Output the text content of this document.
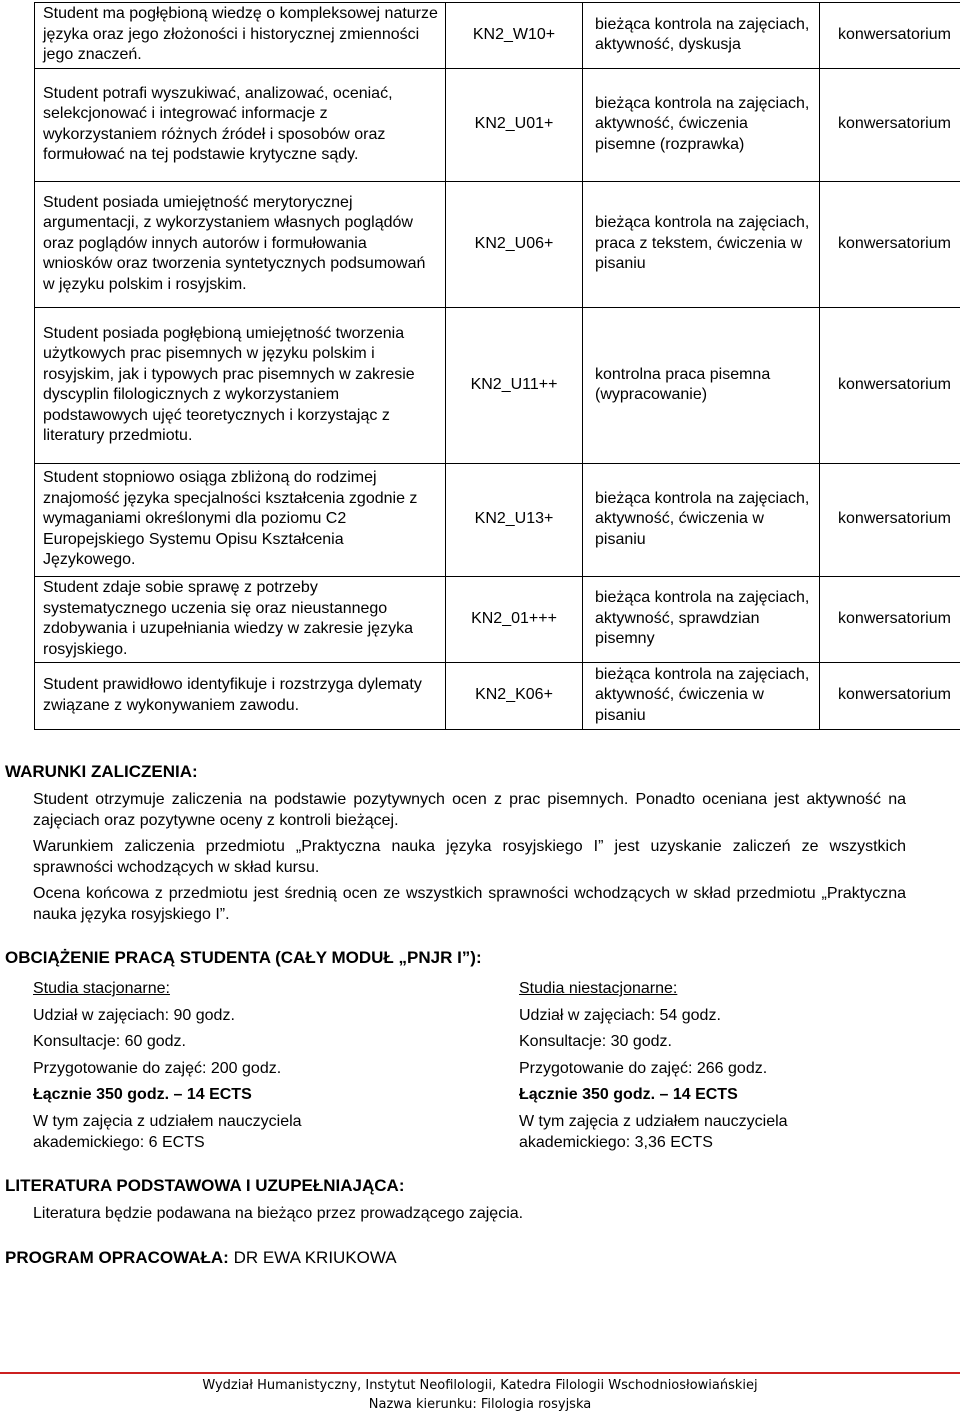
Student ma pogłębioną wiedzę o kompleksowej naturze języka oraz jego złożoności i historycznej zmienności jego znaczeń.	KN2_W10+	bieżąca kontrola na zajęciach, aktywność, dyskusja	konwersatorium
Student potrafi wyszukiwać, analizować, oceniać, selekcjonować i integrować informacje z wykorzystaniem różnych źródeł i sposobów oraz formułować na tej podstawie krytyczne sądy.	KN2_U01+	bieżąca kontrola na zajęciach, aktywność, ćwiczenia pisemne (rozprawka)	konwersatorium
Student posiada umiejętność merytorycznej argumentacji, z wykorzystaniem własnych poglądów oraz poglądów innych autorów i formułowania wniosków oraz tworzenia syntetycznych podsumowań w języku polskim i rosyjskim.	KN2_U06+	bieżąca kontrola na zajęciach, praca z tekstem, ćwiczenia w pisaniu	konwersatorium
Student posiada pogłębioną umiejętność tworzenia użytkowych prac pisemnych w języku polskim i rosyjskim, jak i typowych prac pisemnych w zakresie dyscyplin filologicznych z wykorzystaniem podstawowych ujęć teoretycznych i korzystając z literatury przedmiotu.	KN2_U11++	kontrolna praca pisemna (wypracowanie)	konwersatorium
Student stopniowo osiąga zbliżoną do rodzimej znajomość języka specjalności kształcenia zgodnie z wymaganiami określonymi dla poziomu C2 Europejskiego Systemu Opisu Kształcenia Językowego.	KN2_U13+	bieżąca kontrola na zajęciach, aktywność, ćwiczenia w pisaniu	konwersatorium
Student zdaje sobie sprawę z potrzeby systematycznego uczenia się oraz nieustannego zdobywania i uzupełniania wiedzy w zakresie języka rosyjskiego.	KN2_01+++	bieżąca kontrola na zajęciach, aktywność, sprawdzian pisemny	konwersatorium
Student prawidłowo identyfikuje i rozstrzyga dylematy związane z wykonywaniem zawodu.	KN2_K06+	bieżąca kontrola na zajęciach, aktywność, ćwiczenia w pisaniu	konwersatorium
WARUNKI ZALICZENIA:

Student otrzymuje zaliczenia na podstawie pozytywnych ocen z prac pisemnych. Ponadto oceniana jest aktywność na zajęciach oraz pozytywne oceny z kontroli bieżącej.

Warunkiem zaliczenia przedmiotu „Praktyczna nauka języka rosyjskiego I” jest uzyskanie zaliczeń ze wszystkich sprawności wchodzących w skład kursu.

Ocena końcowa z przedmiotu jest średnią ocen ze wszystkich sprawności wchodzących w skład przedmiotu „Praktyczna nauka języka rosyjskiego I”.

OBCIĄŻENIE PRACĄ STUDENTA (CAŁY MODUŁ „PNJR I”):
Studia stacjonarne:
Udział w zajęciach: 90 godz.
Konsultacje: 60 godz.
Przygotowanie do zajęć: 200 godz.
Łącznie 350 godz. – 14 ECTS
W tym zajęcia z udziałem nauczyciela akademickiego: 6 ECTS
Studia niestacjonarne:
Udział w zajęciach: 54 godz.
Konsultacje: 30 godz.
Przygotowanie do zajęć: 266 godz.
Łącznie 350 godz. – 14 ECTS
W tym zajęcia z udziałem nauczyciela akademickiego: 3,36 ECTS
LITERATURA PODSTAWOWA I UZUPEŁNIAJĄCA:
Literatura będzie podawana na bieżąco przez prowadzącego zajęcia.
PROGRAM OPRACOWAŁA: DR EWA KRIUKOWA
Wydział Humanistyczny, Instytut Neofilologii, Katedra Filologii Wschodniosłowiańskiej
Nazwa kierunku: Filologia rosyjska
